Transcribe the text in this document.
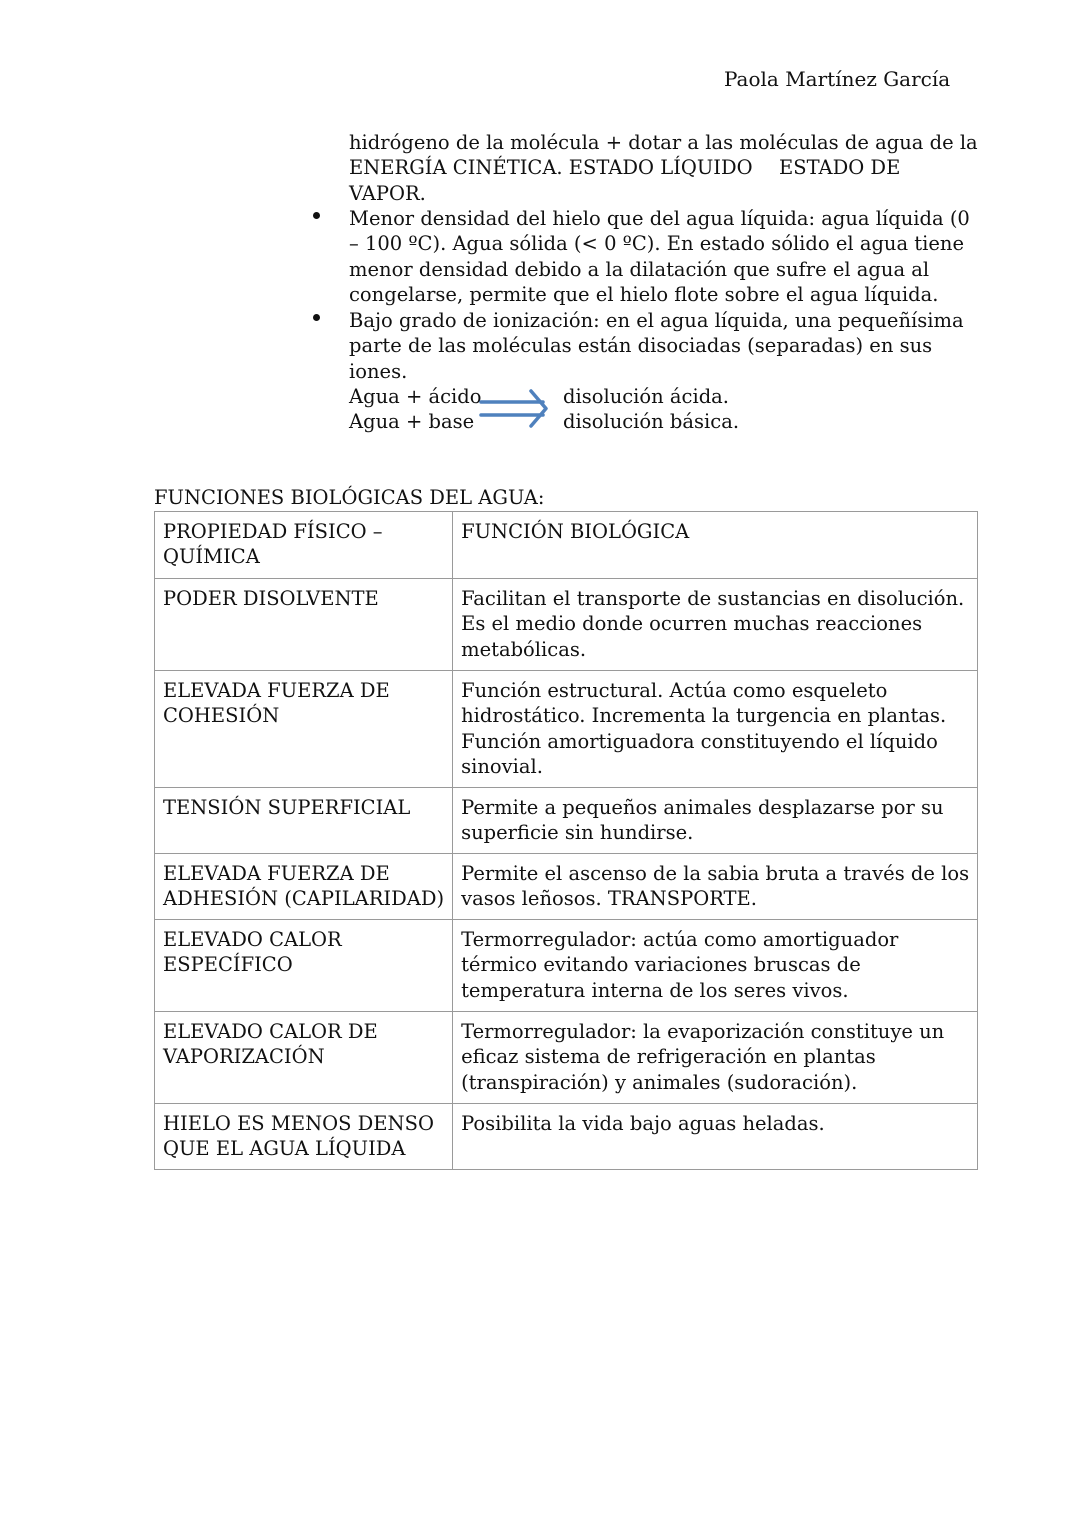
Paola Martínez García
hidrógeno de la molécula + dotar a las moléculas de agua de la
ENERGÍA CINÉTICA. ESTADO LÍQUIDO ESTADO DE
VAPOR.
Menor densidad del hielo que del agua líquida: agua líquida (0
– 100 ºC). Agua sólida (< 0 ºC). En estado sólido el agua tiene
menor densidad debido a la dilatación que sufre el agua al
congelarse, permite que el hielo flote sobre el agua líquida.
Bajo grado de ionización: en el agua líquida, una pequeñísima
parte de las moléculas están disociadas (separadas) en sus
iones.
Agua + ácido	disolución ácida.
Agua + base	disolución básica.
FUNCIONES BIOLÓGICAS DEL AGUA:
PROPIEDAD FÍSICO –
QUÍMICA	FUNCIÓN BIOLÓGICA

PODER DISOLVENTE	Facilitan el transporte de sustancias en disolución.
Es el medio donde ocurren muchas reacciones
metabólicas.

ELEVADA FUERZA DE
COHESIÓN	Función estructural. Actúa como esqueleto
hidrostático. Incrementa la turgencia en plantas.
Función amortiguadora constituyendo el líquido
sinovial.

TENSIÓN SUPERFICIAL	Permite a pequeños animales desplazarse por su
superficie sin hundirse.

ELEVADA FUERZA DE
ADHESIÓN (CAPILARIDAD)	Permite el ascenso de la sabia bruta a través de los
vasos leñosos. TRANSPORTE.

ELEVADO CALOR
ESPECÍFICO	Termorregulador: actúa como amortiguador
térmico evitando variaciones bruscas de
temperatura interna de los seres vivos.

ELEVADO CALOR DE
VAPORIZACIÓN	Termorregulador: la evaporización constituye un
eficaz sistema de refrigeración en plantas
(transpiración) y animales (sudoración).

HIELO ES MENOS DENSO
QUE EL AGUA LÍQUIDA	Posibilita la vida bajo aguas heladas.
